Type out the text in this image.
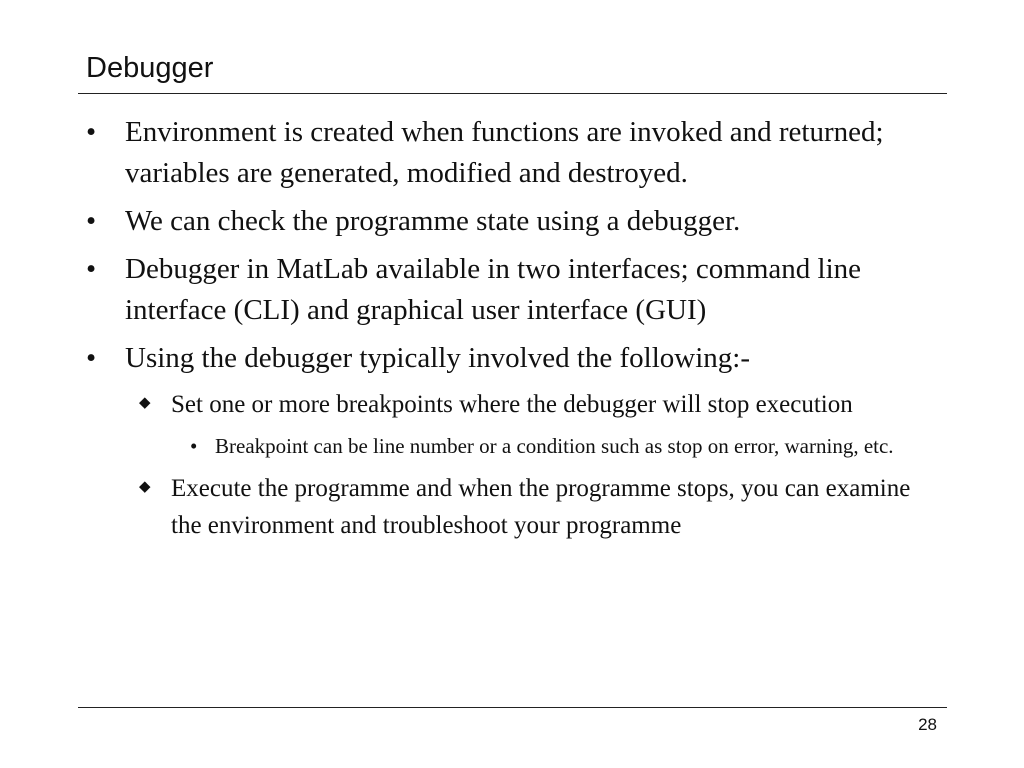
Debugger

• Environment is created when functions are invoked and returned; variables are generated, modified and destroyed.

• We can check the programme state using a debugger.

• Debugger in MatLab available in two interfaces; command line interface (CLI) and graphical user interface (GUI)

• Using the debugger typically involved the following:-

◆ Set one or more breakpoints where the debugger will stop execution

• Breakpoint can be line number or a condition such as stop on error, warning, etc.

◆ Execute the programme and when the programme stops, you can examine the environment and troubleshoot your programme

28
